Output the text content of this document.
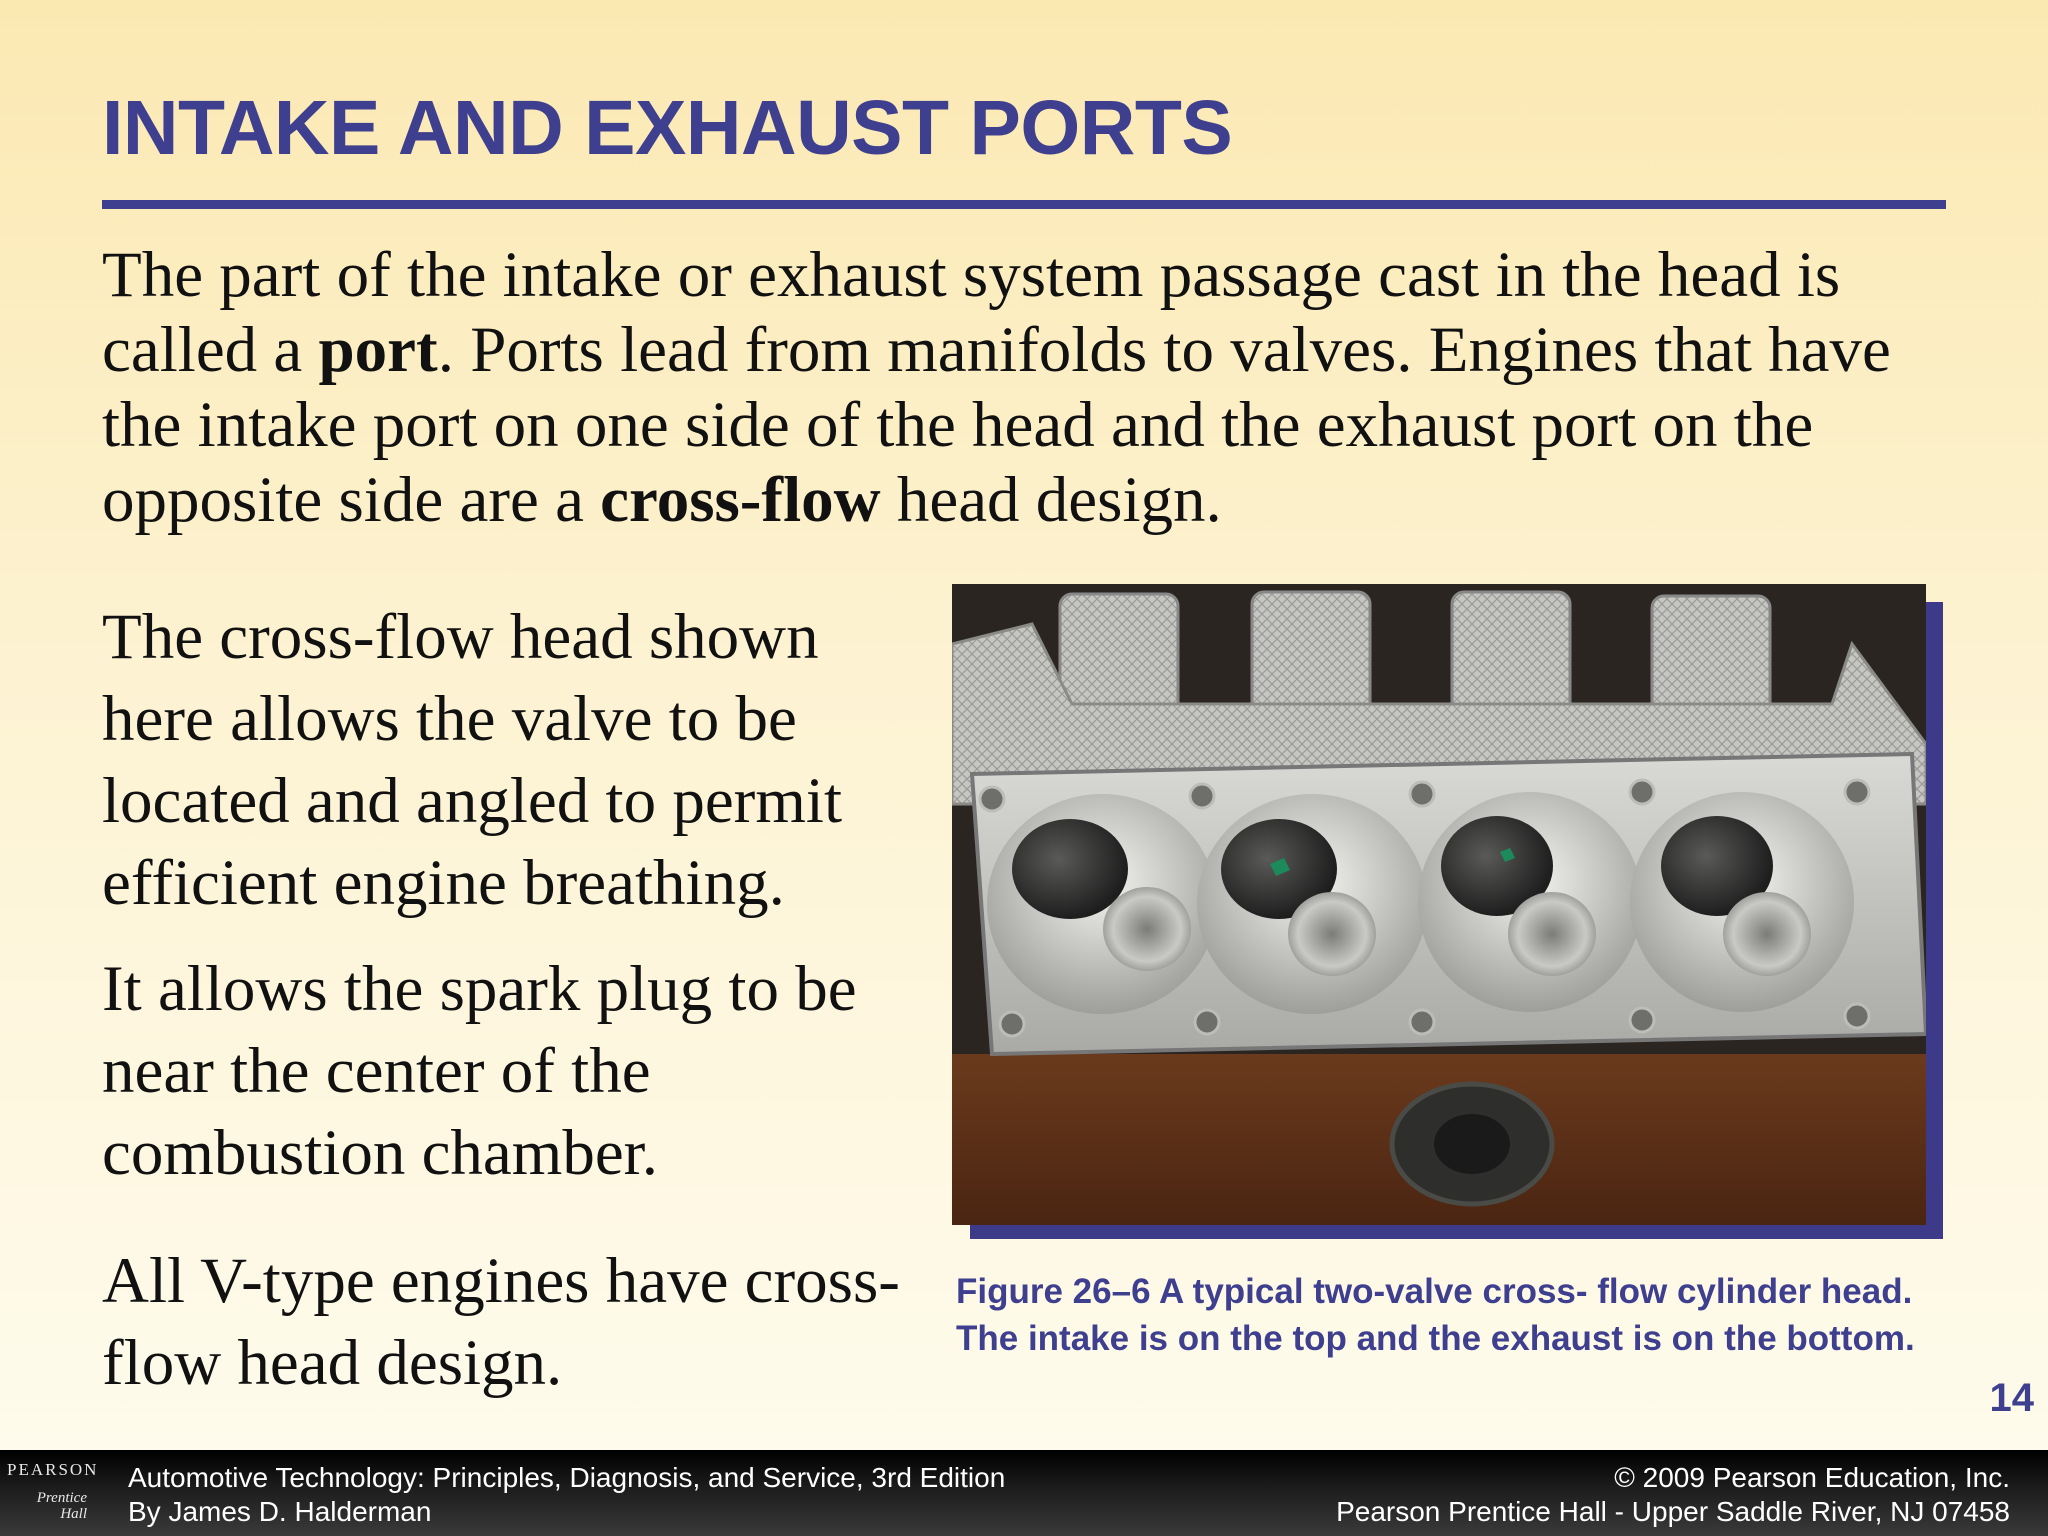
INTAKE AND EXHAUST PORTS

The part of the intake or exhaust system passage cast in the head is called a port. Ports lead from manifolds to valves. Engines that have the intake port on one side of the head and the exhaust port on the opposite side are a cross-flow head design.

The cross-flow head shown here allows the valve to be located and angled to permit efficient engine breathing.

It allows the spark plug to be near the center of the combustion chamber.

All V-type engines have cross-flow head design.

Figure 26–6 A typical two-valve cross- flow cylinder head. The intake is on the top and the exhaust is on the bottom.
14
PEARSON
Prentice
Hall
Automotive Technology: Principles, Diagnosis, and Service, 3rd Edition
By James D. Halderman
© 2009 Pearson Education, Inc.
Pearson Prentice Hall - Upper Saddle River, NJ 07458
